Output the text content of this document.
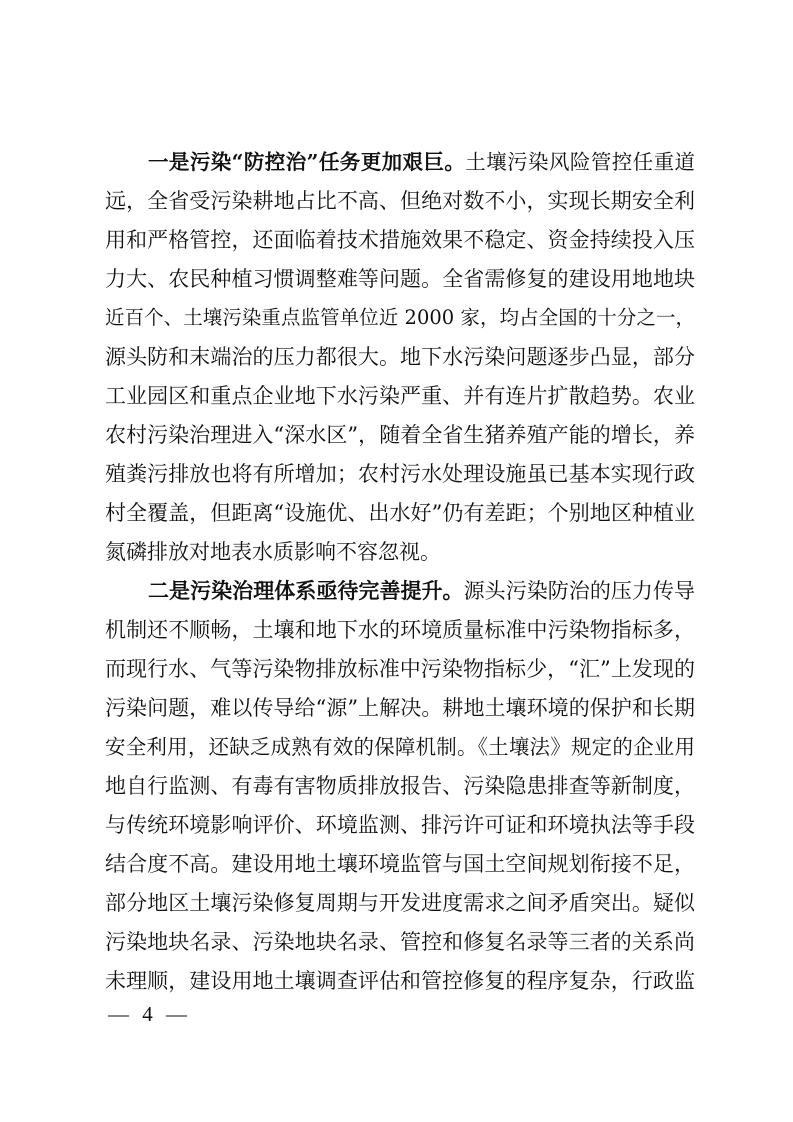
一是污染“防控治”任务更加艰巨。土壤污染风险管控任重道
远，全省受污染耕地占比不高、但绝对数不小，实现长期安全利
用和严格管控，还面临着技术措施效果不稳定、资金持续投入压
力大、农民种植习惯调整难等问题。全省需修复的建设用地地块
近百个、土壤污染重点监管单位近 2000 家，均占全国的十分之一，
源头防和末端治的压力都很大。地下水污染问题逐步凸显，部分
工业园区和重点企业地下水污染严重、并有连片扩散趋势。农业
农村污染治理进入“深水区”，随着全省生猪养殖产能的增长，养
殖粪污排放也将有所增加；农村污水处理设施虽已基本实现行政
村全覆盖，但距离“设施优、出水好”仍有差距；个别地区种植业
氮磷排放对地表水质影响不容忽视。
二是污染治理体系亟待完善提升。源头污染防治的压力传导
机制还不顺畅，土壤和地下水的环境质量标准中污染物指标多，
而现行水、气等污染物排放标准中污染物指标少，“汇”上发现的
污染问题，难以传导给“源”上解决。耕地土壤环境的保护和长期
安全利用，还缺乏成熟有效的保障机制。《土壤法》规定的企业用
地自行监测、有毒有害物质排放报告、污染隐患排查等新制度，
与传统环境影响评价、环境监测、排污许可证和环境执法等手段
结合度不高。建设用地土壤环境监管与国土空间规划衔接不足，
部分地区土壤污染修复周期与开发进度需求之间矛盾突出。疑似
污染地块名录、污染地块名录、管控和修复名录等三者的关系尚
未理顺，建设用地土壤调查评估和管控修复的程序复杂，行政监
— 4 —
